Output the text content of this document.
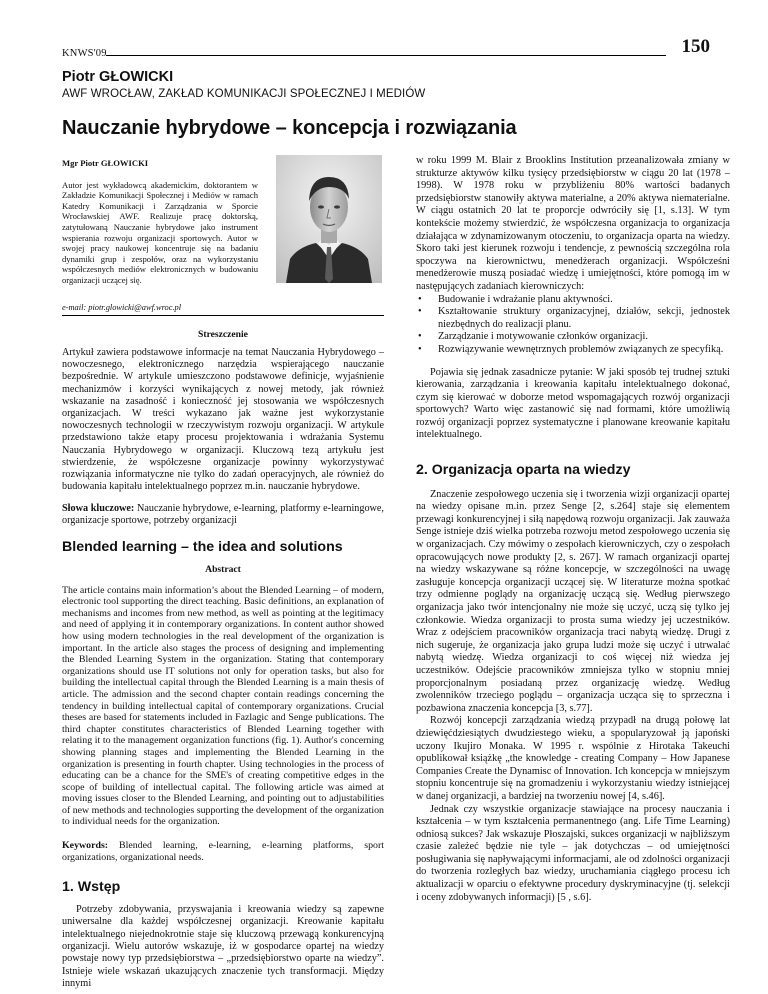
KNWS'09	150
Piotr GŁOWICKI
AWF WROCŁAW, ZAKŁAD KOMUNIKACJI SPOŁECZNEJ I MEDIÓW
Nauczanie hybrydowe – koncepcja i rozwiązania
Mgr Piotr GŁOWICKI
Autor jest wykładowcą akademickim, doktorantem w Zakładzie Komunikacji Społecznej i Mediów w ramach Katedry Komunikacji i Zarządzania w Sporcie Wrocławskiej AWF. Realizuje pracę doktorską, zatytułowaną Nauczanie hybrydowe jako instrument wspierania rozwoju organizacji sportowych. Autor w swojej pracy naukowej koncentruje się na badaniu dynamiki grup i zespołów, oraz na wykorzystaniu współczesnych mediów elektronicznych w budowaniu organizacji uczącej się.
e-mail: piotr.glowicki@awf.wroc.pl
Streszczenie
Artykuł zawiera podstawowe informacje na temat Nauczania Hybrydowego – nowoczesnego, elektronicznego narzędzia wspierającego nauczanie bezpośrednie. W artykule umieszczono podstawowe definicje, wyjaśnienie mechanizmów i korzyści wynikających z nowej metody, jak również wskazanie na zasadność i konieczność jej stosowania we współczesnych organizacjach. W treści wykazano jak ważne jest wykorzystanie nowoczesnych technologii w rzeczywistym rozwoju organizacji. W artykule przedstawiono także etapy procesu projektowania i wdrażania Systemu Nauczania Hybrydowego w organizacji. Kluczową tezą artykułu jest stwierdzenie, że współczesne organizacje powinny wykorzystywać rozwiązania informatyczne nie tylko do zadań operacyjnych, ale również do budowania kapitału intelektualnego poprzez m.in. nauczanie hybrydowe.
Słowa kluczowe: Nauczanie hybrydowe, e-learning, platformy e-learningowe, organizacje sportowe, potrzeby organizacji
Blended learning – the idea and solutions
Abstract
The article contains main information’s about the Blended Learning – of modern, electronic tool supporting the direct teaching. Basic definitions, an explanation of mechanisms and incomes from new method, as well as pointing at the legitimacy and need of applying it in contemporary organizations. In content author showed how using modern technologies in the real development of the organization is important. In the article also stages the process of designing and implementing the Blended Learning System in the organization. Stating that contemporary organizations should use IT solutions not only for operation tasks, but also for building the intellectual capital through the Blended Learning is a main thesis of article. The admission and the second chapter contain readings concerning the tendency in building intellectual capital of contemporary organizations. Crucial theses are based for statements included in Fazlagic and Senge publications. The third chapter constitutes characteristics of Blended Learning together with relating it to the management organization functions (fig. 1). Author's concerning showing planning stages and implementing the Blended Learning in the organization is presenting in fourth chapter. Using technologies in the process of educating can be a chance for the SME's of creating competitive edges in the scope of building of intellectual capital. The following article was aimed at moving issues closer to the Blended Learning, and pointing out to adjustabilities of new methods and technologies supporting the development of the organization to individual needs for the organization.
Keywords: Blended learning, e-learning, e-learning platforms, sport organizations, organizational needs.
1. Wstęp
Potrzeby zdobywania, przyswajania i kreowania wiedzy są zapewne uniwersalne dla każdej współczesnej organizacji. Kreowanie kapitału intelektualnego niejednokrotnie staje się kluczową przewagą konkurencyjną organizacji. Wielu autorów wskazuje, iż w gospodarce opartej na wiedzy powstaje nowy typ przedsiębiorstwa – „przedsiębiorstwo oparte na wiedzy”. Istnieje wiele wskazań ukazujących znaczenie tych transformacji. Między innymi
w roku 1999 M. Blair z Brooklins Institution przeanalizowała zmiany w strukturze aktywów kilku tysięcy przedsiębiorstw w ciągu 20 lat (1978 – 1998). W 1978 roku w przybliżeniu 80% wartości badanych przedsiębiorstw stanowiły aktywa materialne, a 20% aktywa niematerialne. W ciągu ostatnich 20 lat te proporcje odwróciły się [1, s.13]. W tym kontekście możemy stwierdzić, że współczesna organizacja to organizacja działająca w zdynamizowanym otoczeniu, to organizacja oparta na wiedzy. Skoro taki jest kierunek rozwoju i tendencje, z pewnością szczególna rola spoczywa na kierownictwu, menedżerach organizacji. Współcześni menedżerowie muszą posiadać wiedzę i umiejętności, które pomogą im w następujących zadaniach kierowniczych:
• Budowanie i wdrażanie planu aktywności.
• Kształtowanie struktury organizacyjnej, działów, sekcji, jednostek niezbędnych do realizacji planu.
• Zarządzanie i motywowanie członków organizacji.
• Rozwiązywanie wewnętrznych problemów związanych ze specyfiką.
Pojawia się jednak zasadnicze pytanie: W jaki sposób tej trudnej sztuki kierowania, zarządzania i kreowania kapitału intelektualnego dokonać, czym się kierować w doborze metod wspomagających rozwój organizacji sportowych? Warto więc zastanowić się nad formami, które umożliwią rozwój organizacji poprzez systematyczne i planowane kreowanie kapitału intelektualnego.
2. Organizacja oparta na wiedzy
Znaczenie zespołowego uczenia się i tworzenia wizji organizacji opartej na wiedzy opisane m.in. przez Senge [2, s.264] staje się elementem przewagi konkurencyjnej i siłą napędową rozwoju organizacji. Jak zauważa Senge istnieje dziś wielka potrzeba rozwoju metod zespołowego uczenia się w organizacjach. Czy mówimy o zespołach kierowniczych, czy o zespołach opracowujących nowe produkty [2, s. 267]. W ramach organizacji opartej na wiedzy wskazywane są różne koncepcje, w szczególności na uwagę zasługuje koncepcja organizacji uczącej się. W literaturze można spotkać trzy odmienne poglądy na organizację uczącą się. Według pierwszego organizacja jako twór intencjonalny nie może się uczyć, uczą się tylko jej członkowie. Wiedza organizacji to prosta suma wiedzy jej uczestników. Wraz z odejściem pracowników organizacja traci nabytą wiedzę. Drugi z nich sugeruje, że organizacja jako grupa ludzi może się uczyć i utrwalać nabytą wiedzę. Wiedza organizacji to coś więcej niż wiedza jej uczestników. Odejście pracowników zmniejsza tylko w stopniu mniej proporcjonalnym posiadaną przez organizację wiedzę. Według zwolenników trzeciego poglądu – organizacja ucząca się to sprzeczna i pozbawiona znaczenia koncepcja [3, s.77].
Rozwój koncepcji zarządzania wiedzą przypadł na drugą połowę lat dziewięćdziesiątych dwudziestego wieku, a spopularyzował ją japoński uczony Ikujiro Monaka. W 1995 r. wspólnie z Hirotaka Takeuchi opublikował książkę „the knowledge - creating Company – How Japanese Companies Create the Dynamisc of Innovation. Ich koncepcja w mniejszym stopniu koncentruje się na gromadzeniu i wykorzystaniu wiedzy istniejącej w danej organizacji, a bardziej na tworzeniu nowej [4, s.46].
Jednak czy wszystkie organizacje stawiające na procesy nauczania i kształcenia – w tym kształcenia permanentnego (ang. Life Time Learning) odniosą sukces? Jak wskazuje Płoszajski, sukces organizacji w najbliższym czasie zależeć będzie nie tyle – jak dotychczas – od umiejętności posługiwania się napływającymi informacjami, ale od zdolności organizacji do tworzenia rozległych baz wiedzy, uruchamiania ciągłego procesu ich aktualizacji w oparciu o efektywne procedury dyskryminacyjne (tj. selekcji i oceny zdobywanych informacji) [5 , s.6].
